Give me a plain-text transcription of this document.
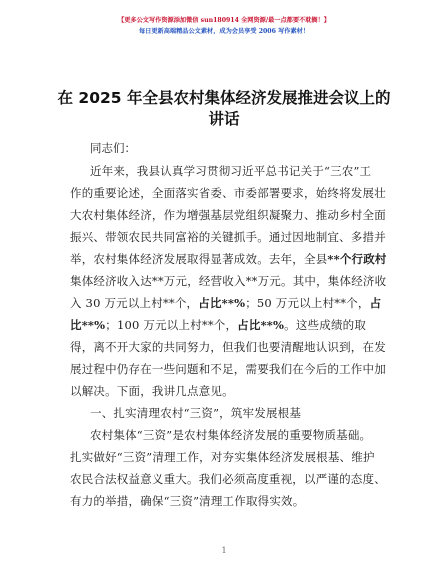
【更多公文写作资源添加微信 sun180914 全网资源/最一点都要不耽搁！】
每日更新高端精品公文素材，成为会员享受 2006 写作素材！
在 2025 年全县农村集体经济发展推进会议上的
讲话
同志们：
近年来，我县认真学习贯彻习近平总书记关于“三农”工
作的重要论述，全面落实省委、市委部署要求，始终将发展壮
大农村集体经济，作为增强基层党组织凝聚力、推动乡村全面
振兴、带领农民共同富裕的关键抓手。通过因地制宜、多措并
举，农村集体经济发展取得显著成效。去年，全县**个行政村
集体经济收入达**万元，经营收入**万元。其中，集体经济收
入 30 万元以上村**个，占比**%；50 万元以上村**个，占
比**%；100 万元以上村**个，占比**%。这些成绩的取
得，离不开大家的共同努力，但我们也要清醒地认识到，在发
展过程中仍存在一些问题和不足，需要我们在今后的工作中加
以解决。下面，我讲几点意见。
一、扎实清理农村“三资”，筑牢发展根基
农村集体“三资”是农村集体经济发展的重要物质基础。
扎实做好“三资”清理工作，对夯实集体经济发展根基、维护
农民合法权益意义重大。我们必须高度重视，以严谨的态度、
有力的举措，确保“三资”清理工作取得实效。
1
